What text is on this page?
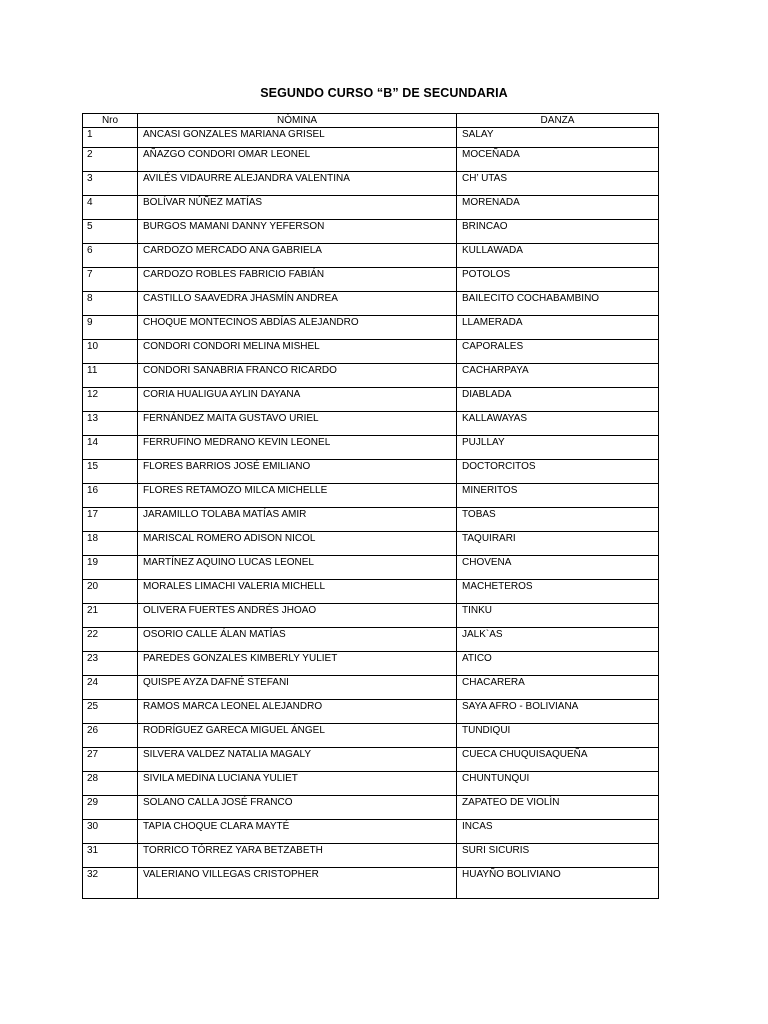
SEGUNDO CURSO “B” DE SECUNDARIA
Nro	NÒMINA	DANZA
1	ANCASI GONZALES MARIANA GRISEL	SALAY
2	AÑAZGO CONDORI OMAR LEONEL	MOCEÑADA
3	AVILÉS VIDAURRE ALEJANDRA VALENTINA	CH’ UTAS
4	BOLÍVAR NÚÑEZ MATÍAS	MORENADA
5	BURGOS MAMANI DANNY YEFERSON	BRINCAO
6	CARDOZO MERCADO ANA GABRIELA	KULLAWADA
7	CARDOZO ROBLES FABRICIO FABIÁN	POTOLOS
8	CASTILLO SAAVEDRA JHASMÍN ANDREA	BAILECITO COCHABAMBINO
9	CHOQUE MONTECINOS ABDÍAS ALEJANDRO	LLAMERADA
10	CONDORI CONDORI MELINA MISHEL	CAPORALES
11	CONDORI SANABRIA FRANCO RICARDO	CACHARPAYA
12	CORIA HUALIGUA AYLIN DAYANA	DIABLADA
13	FERNÁNDEZ MAITA GUSTAVO URIEL	KALLAWAYAS
14	FERRUFINO MEDRANO KEVIN LEONEL	PUJLLAY
15	FLORES BARRIOS JOSÉ EMILIANO	DOCTORCITOS
16	FLORES RETAMOZO MILCA MICHELLE	MINERITOS
17	JARAMILLO TOLABA MATÍAS AMIR	TOBAS
18	MARISCAL ROMERO ADISON NICOL	TAQUIRARI
19	MARTÍNEZ AQUINO LUCAS LEONEL	CHOVENA
20	MORALES LIMACHI VALERIA MICHELL	MACHETEROS
21	OLIVERA FUERTES ANDRÉS JHOAO	TINKU
22	OSORIO CALLE ÁLAN MATÍAS	JALK`AS
23	PAREDES GONZALES KIMBERLY YULIET	ATICO
24	QUISPE AYZA DAFNÉ STEFANI	CHACARERA
25	RAMOS MARCA LEONEL ALEJANDRO	SAYA AFRO - BOLIVIANA
26	RODRÍGUEZ GARECA MIGUEL ÁNGEL	TUNDIQUI
27	SILVERA VALDEZ NATALIA MAGALY	CUECA CHUQUISAQUEÑA
28	SIVILA MEDINA LUCIANA YULIET	CHUNTUNQUI
29	SOLANO CALLA JOSÉ FRANCO	ZAPATEO DE VIOLÌN
30	TAPIA CHOQUE CLARA MAYTÉ	INCAS
31	TORRICO TÓRREZ YARA BETZABETH	SURI SICURIS
32	VALERIANO VILLEGAS CRISTOPHER	HUAYÑO BOLIVIANO
